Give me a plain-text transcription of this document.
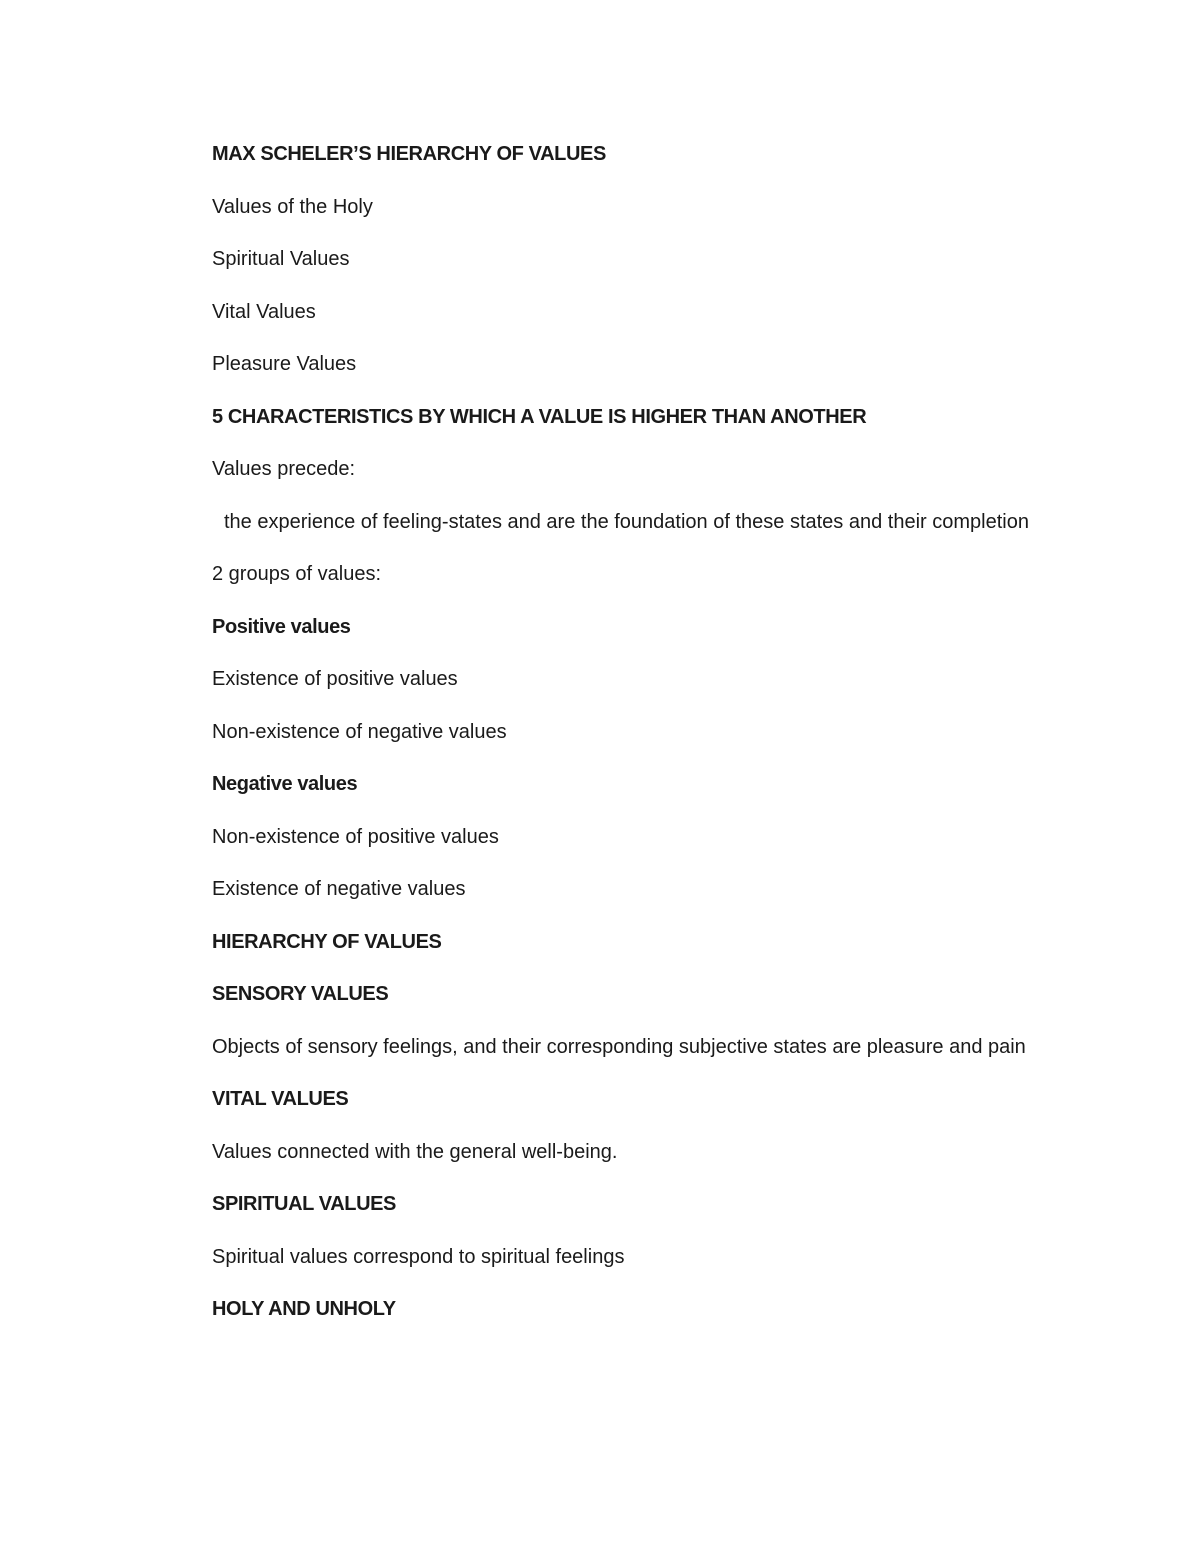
MAX SCHELER’S HIERARCHY OF VALUES
Values of the Holy
Spiritual Values
Vital Values
Pleasure Values
5 CHARACTERISTICS BY WHICH A VALUE IS HIGHER THAN ANOTHER
Values precede:
the experience of feeling-states and are the foundation of these states and their completion
2 groups of values:
Positive values
Existence of positive values
Non-existence of negative values
Negative values
Non-existence of positive values
Existence of negative values
HIERARCHY OF VALUES
SENSORY VALUES
Objects of sensory feelings, and their corresponding subjective states are pleasure and pain
VITAL VALUES
Values connected with the general well-being.
SPIRITUAL VALUES
Spiritual values correspond to spiritual feelings
HOLY AND UNHOLY
